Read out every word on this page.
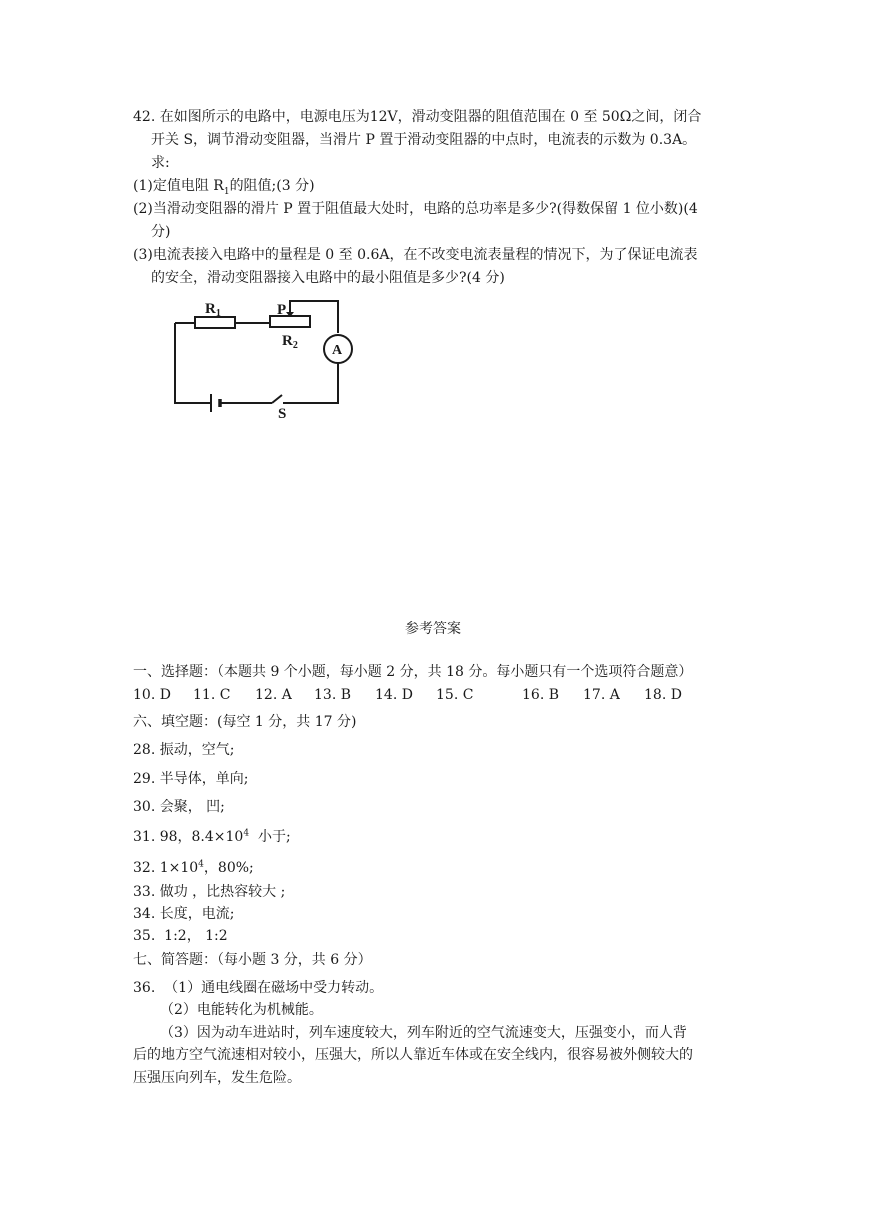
42. 在如图所示的电路中，电源电压为12V，滑动变阻器的阻值范围在 0 至 50Ω之间，闭合
开关 S，调节滑动变阻器，当滑片 P 置于滑动变阻器的中点时，电流表的示数为 0.3A。
求:
(1)定值电阻 $R_1$的阻值;(3 分)
(2)当滑动变阻器的滑片 P 置于阻值最大处时，电路的总功率是多少?(得数保留 1 位小数)(4
分)
(3)电流表接入电路中的量程是 0 至 0.6A，在不改变电流表量程的情况下，为了保证电流表
的安全，滑动变阻器接入电路中的最小阻值是多少?(4 分)
$R_1$	P
$R_2$ A
S
参考答案
一、选择题：（本题共 9 个小题，每小题 2 分，共 18 分。每小题只有一个选项符合题意）
10. D 11. C 12. A 13. B 14. D 15. C	16. B 17. A 18. D
六、填空题：(每空 1 分，共 17 分)
28. 振动，空气;
29. 半导体，单向;
30. 会聚， 凹;
31. 98，$8.4\times 10^4$  小于;
32. $1\times 10^4$，80%;
33. 做功 ，比热容较大 ;
34. 长度，电流;
35.  1:2， 1:2
七、简答题：（每小题 3 分，共 6 分）
36.  （1）通电线圈在磁场中受力转动。
（2）电能转化为机械能。
（3）因为动车进站时，列车速度较大，列车附近的空气流速变大，压强变小，而人背
后的地方空气流速相对较小，压强大，所以人靠近车体或在安全线内，很容易被外侧较大的
压强压向列车，发生危险。
